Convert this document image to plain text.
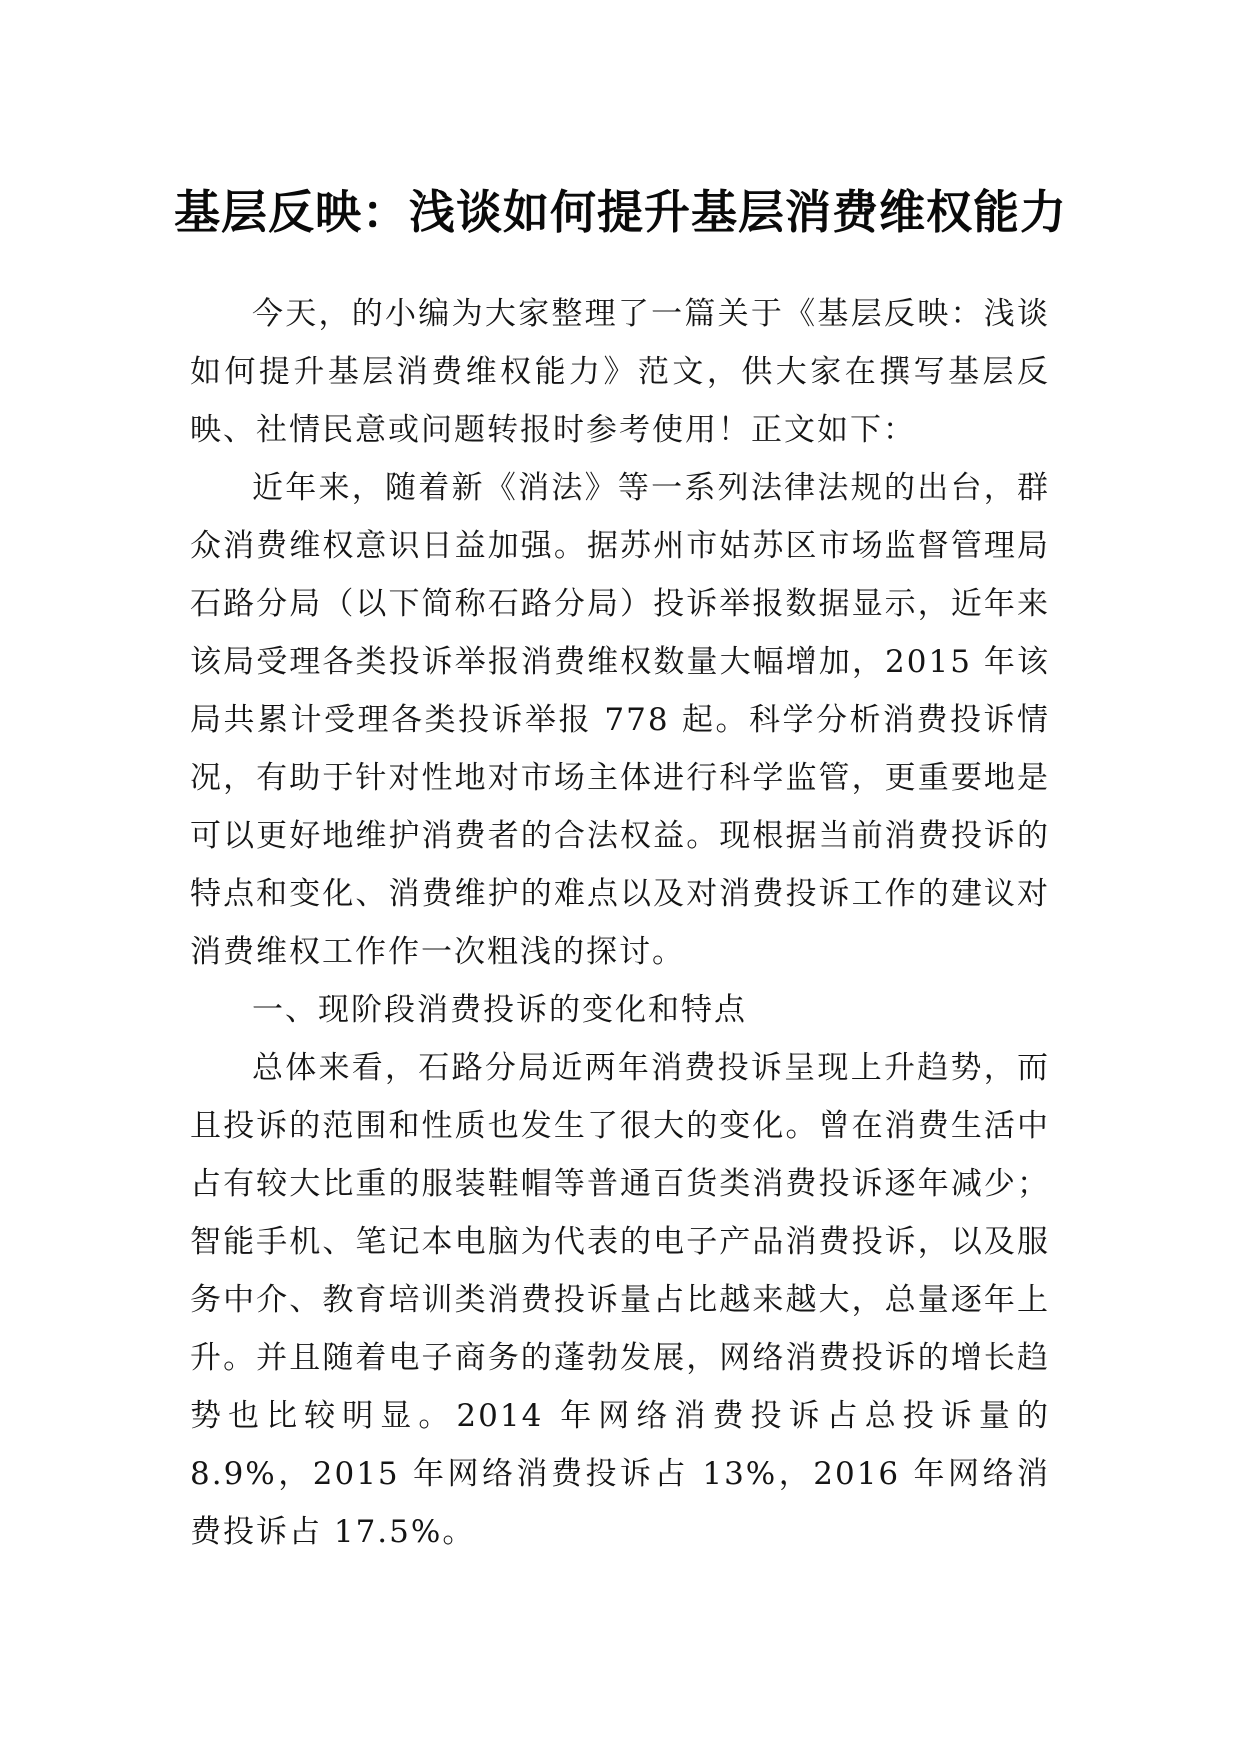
基层反映：浅谈如何提升基层消费维权能力

今天，的小编为大家整理了一篇关于《基层反映：浅谈如何提升基层消费维权能力》范文，供大家在撰写基层反映、社情民意或问题转报时参考使用！正文如下：

近年来，随着新《消法》等一系列法律法规的出台，群众消费维权意识日益加强。据苏州市姑苏区市场监督管理局石路分局（以下简称石路分局）投诉举报数据显示，近年来该局受理各类投诉举报消费维权数量大幅增加，2015 年该局共累计受理各类投诉举报 778 起。科学分析消费投诉情况，有助于针对性地对市场主体进行科学监管，更重要地是可以更好地维护消费者的合法权益。现根据当前消费投诉的特点和变化、消费维护的难点以及对消费投诉工作的建议对消费维权工作作一次粗浅的探讨。

一、现阶段消费投诉的变化和特点

总体来看，石路分局近两年消费投诉呈现上升趋势，而且投诉的范围和性质也发生了很大的变化。曾在消费生活中占有较大比重的服装鞋帽等普通百货类消费投诉逐年减少；智能手机、笔记本电脑为代表的电子产品消费投诉，以及服务中介、教育培训类消费投诉量占比越来越大，总量逐年上升。并且随着电子商务的蓬勃发展，网络消费投诉的增长趋势也比较明显。2014 年网络消费投诉占总投诉量的 8.9%，2015 年网络消费投诉占 13%，2016 年网络消费投诉占 17.5%。
